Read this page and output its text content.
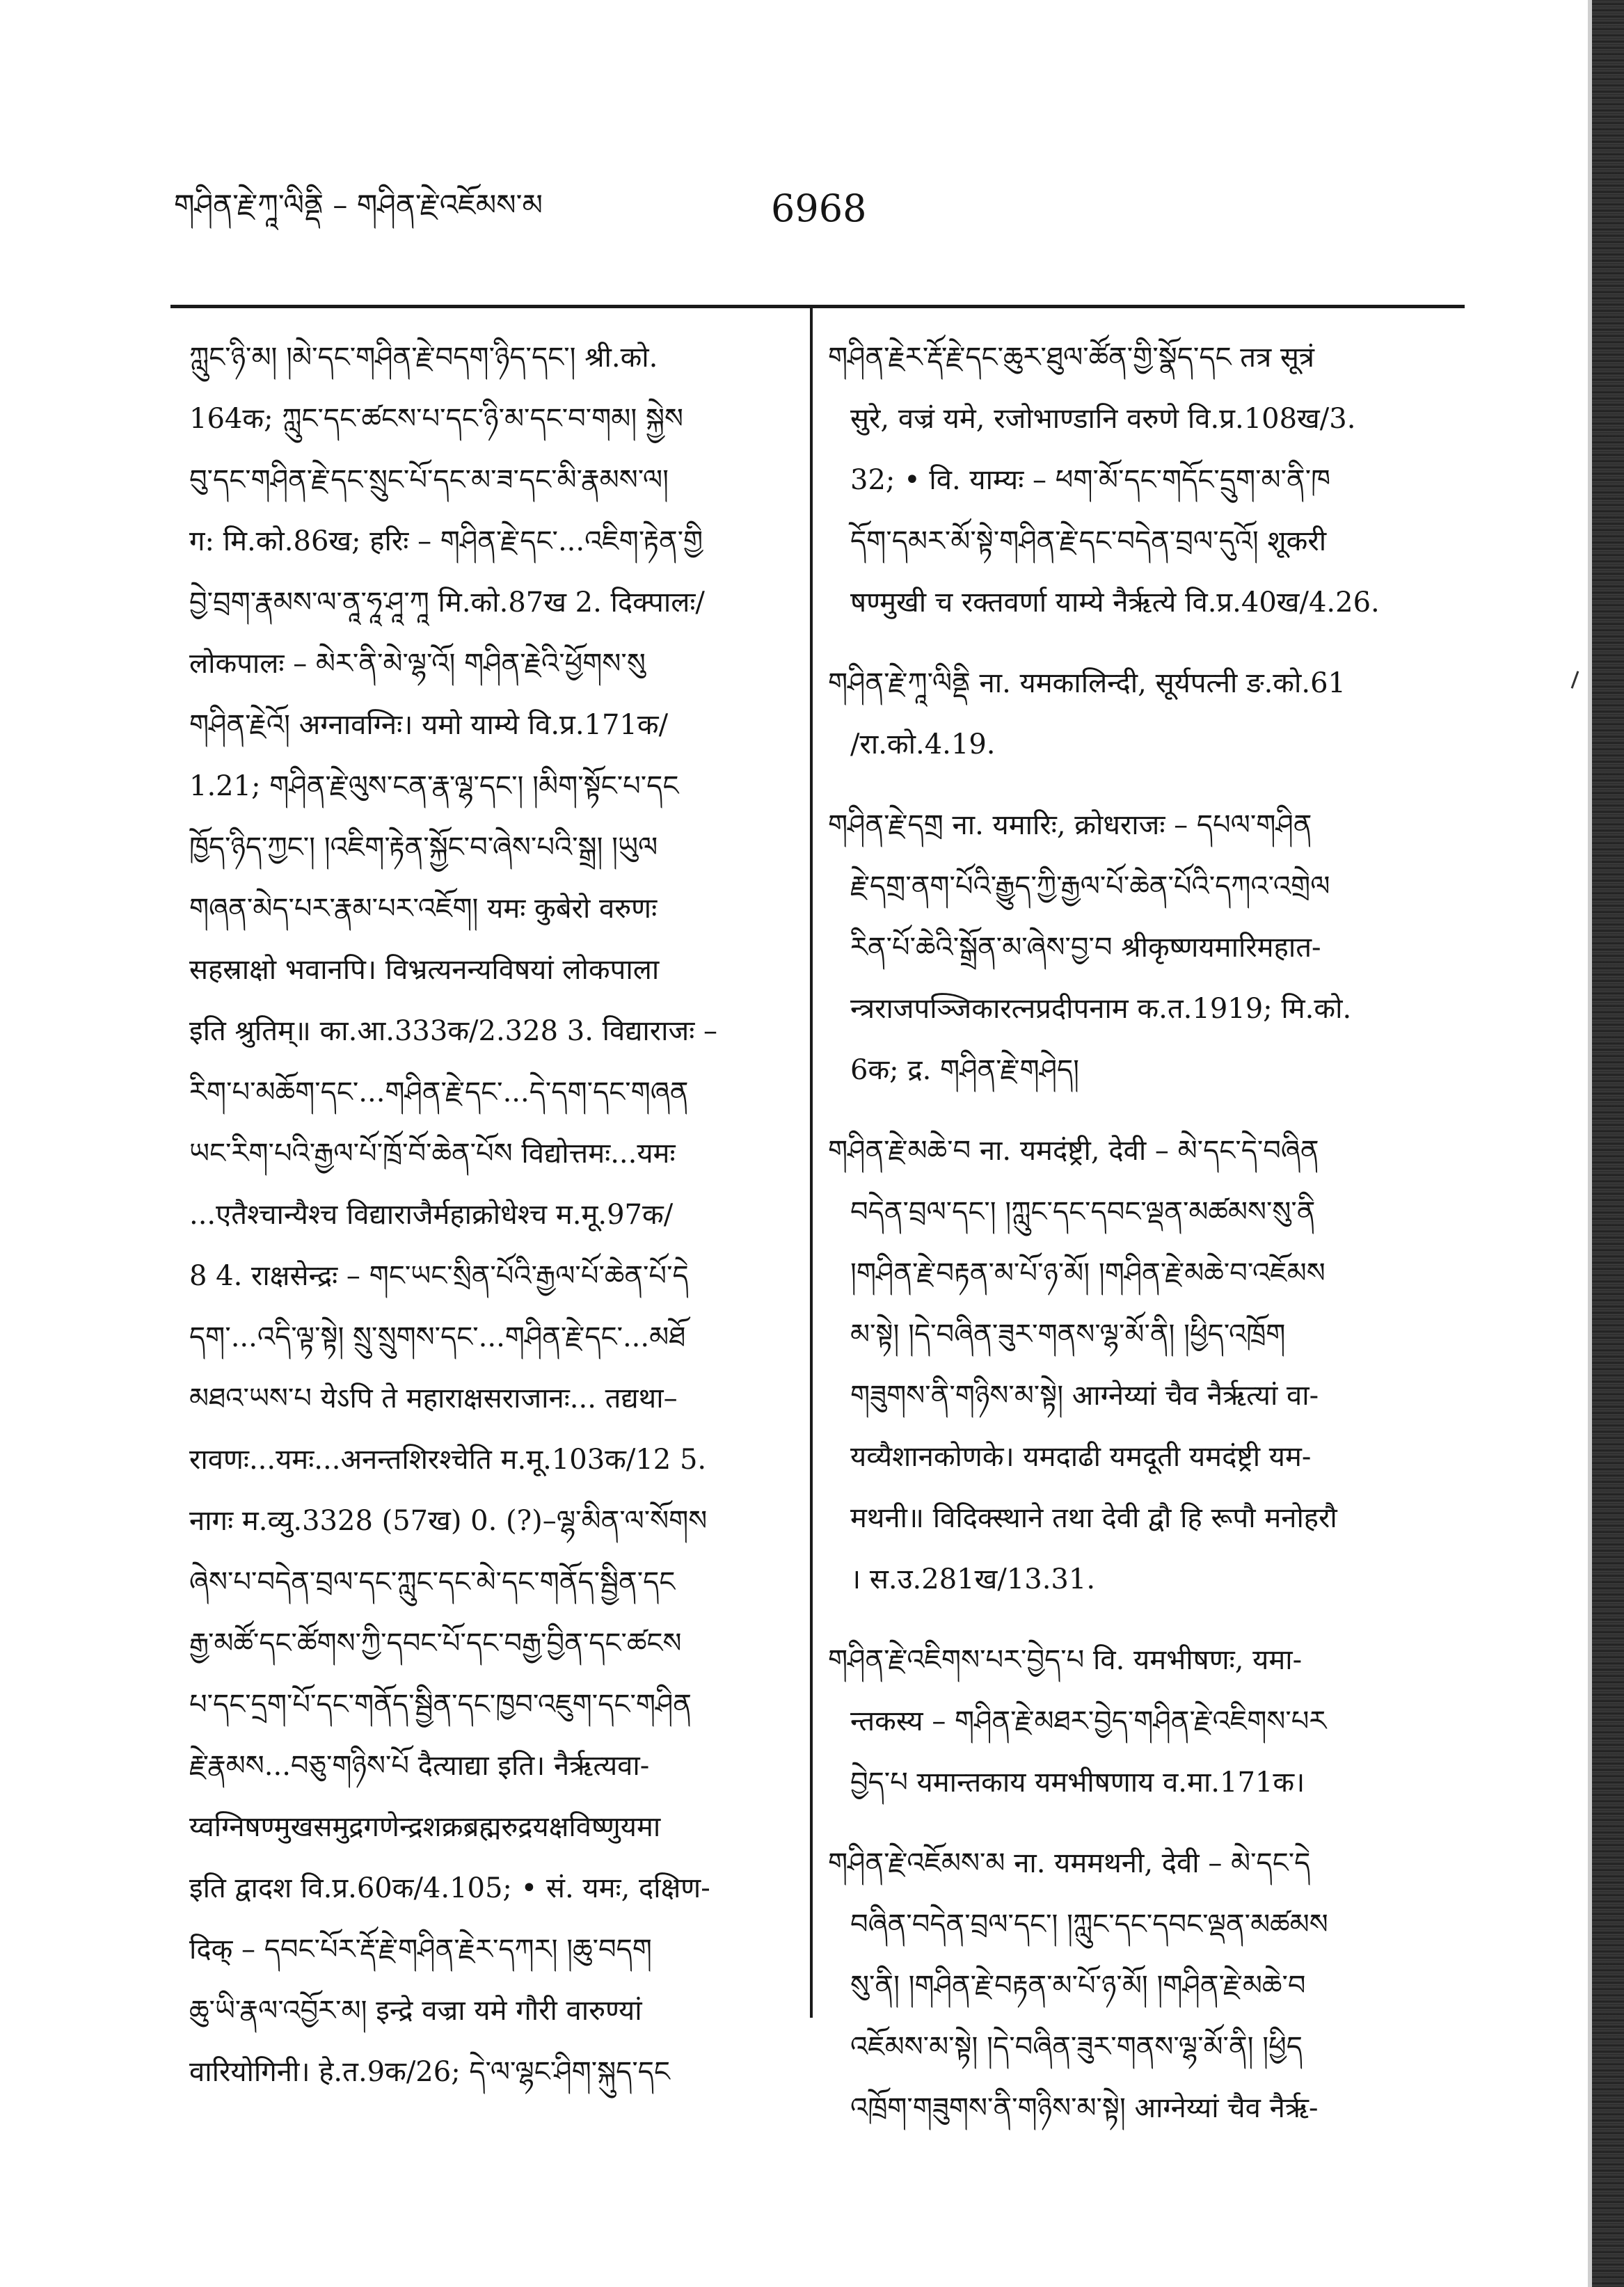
གཤིན་རྗེ་ཀཱ་ལིནྡི – གཤིན་རྗེ་འཇོམས་མ	6968
ཀླུང་ཉི་མ། །མེ་དང་གཤིན་རྗེ་བདག་ཉིད་དང༌། श्री.को.
164क; ཀླུང་དང་ཚངས་པ་དང་ཉི་མ་དང་བ་གམ། སྐྱེས
བུ་དང་གཤིན་རྗེ་དང་སྲུང་པོ་དང་མ་ཟ་དང་མི་རྣམས་ལ།
ग: मि.को.86ख; हरिः – གཤིན་རྗེ་དང་...འཇིག་རྟེན་གྱི
བྱེ་བྲག་རྣམས་ལ་ནཱ་ཧཱ་ཤཱ་ཀཱ मि.को.87ख 2. दिक्पालः/
लोकपालः – མེར་ནི་མེ་ལྷ་འོ། གཤིན་རྗེའི་ཕྱོགས་སུ
གཤིན་རྗེའོ། अग्नावग्निः। यमो याम्ये वि.प्र.171क/
1.21; གཤིན་རྗེ་ལུས་ངན་རྣ་ལྷ་དང༌། །མིག་སྟོང་པ་དང
ཁྱོད་ཉིད་ཀྱང༌། །འཇིག་རྟེན་སྐྱོང་བ་ཞེས་པའི་སྒྲ། །ཡུལ
གཞན་མེད་པར་རྣམ་པར་འཇོག། यमः कुबेरो वरुणः
सहस्राक्षो भवानपि। विभ्रत्यनन्यविषयां लोकपाला
इति श्रुतिम्॥ का.आ.333क/2.328 3. विद्याराजः –
རིག་པ་མཆོག་དང་...གཤིན་རྗེ་དང་...དེ་དག་དང་གཞན
ཡང་རིག་པའི་རྒྱལ་པོ་ཁྲོ་བོ་ཆེན་པོས विद्योत्तमः...यमः
...एतैश्चान्यैश्च विद्याराजैर्महाक्रोधेश्च म.मू.97क/
8 4. राक्षसेन्द्रः – གང་ཡང་སྲིན་པོའི་རྒྱལ་པོ་ཆེན་པོ་དེ
དག་...འདི་ལྟ་སྟེ། སྲུ་སྲུགས་དང་...གཤིན་རྗེ་དང་...མཐོ
མཐའ་ཡས་པ येऽपि ते महाराक्षसराजानः... तद्यथा–
रावणः...यमः...अनन्तशिरश्चेति म.मू.103क/12 5.
नागः म.व्यु.3328 (57ख) 0. (?)–ལྷ་མིན་ལ་སོགས
ཞེས་པ་བདེན་བྲལ་དང་ཀླུང་དང་མེ་དང་གནོད་སྦྱིན་དང
རྒྱ་མཚོ་དང་ཚོགས་ཀྱི་དབང་པོ་དང་བརྒྱ་བྱིན་དང་ཚངས
པ་དང་དྲག་པོ་དང་གནོད་སྦྱིན་དང་ཁྱབ་འཇུག་དང་གཤིན
རྗེ་རྣམས...བཅུ་གཉིས་པོ दैत्याद्या इति। नैर्ऋत्यवा-
य्वग्निषण्मुखसमुद्रगणेन्द्रशक्रब्रह्मरुद्रयक्षविष्णुयमा
इति द्वादश वि.प्र.60क/4.105; • सं. यमः, दक्षिण-
दिक् – དབང་པོར་རྡོ་རྗེ་གཤིན་རྗེར་དཀར། །ཆུ་བདག
ཆུ་ཡི་རྣལ་འབྱོར་མ། इन्द्रे वज्रा यमे गौरी वारुण्यां
वारियोगिनी। हे.त.9क/26; དེ་ལ་ལྷང་ཤིག་སྐུད་དང
གཤིན་རྗེར་རྡོ་རྗེ་དང་ཆུར་ཐུལ་ཚོན་གྱི་སྣོད་དང तत्र सूत्रं
सुरे, वज्रं यमे, रजोभाण्डानि वरुणे वि.प्र.108ख/3.
32; • वि. याम्यः – ཕག་མོ་དང་གདོང་དྲུག་མ་ནི་ཁ
དོག་དམར་མོ་སྟེ་གཤིན་རྗེ་དང་བདེན་བྲལ་དུའོ། शूकरी
षण्मुखी च रक्तवर्णा याम्ये नैर्ऋत्ये वि.प्र.40ख/4.26.
གཤིན་རྗེ་ཀཱ་ལིནྡི ना. यमकालिन्दी, सूर्यपत्नी ङ.को.61
/रा.को.4.19.
གཤིན་རྗེ་དགྲ ना. यमारिः, क्रोधराजः – དཔལ་གཤིན
རྗེ་དགྲ་ནག་པོའི་རྒྱུད་ཀྱི་རྒྱལ་པོ་ཆེན་པོའི་དཀའ་འགྲེལ
རིན་པོ་ཆེའི་སྒྲོན་མ་ཞེས་བྱ་བ श्रीकृष्णयमारिमहात-
न्त्रराजपञ्जिकारत्नप्रदीपनाम क.त.1919; मि.को.
6क; द्र. གཤིན་རྗེ་གཤེད།
གཤིན་རྗེ་མཆེ་བ ना. यमदंष्ट्री, देवी – མེ་དང་དེ་བཞིན
བདེན་བྲལ་དང༌། །ཀླུང་དང་དབང་ལྡན་མཚམས་སུ་ནི
།གཤིན་རྗེ་བརྟན་མ་པོ་ཉ་མོ། །གཤིན་རྗེ་མཆེ་བ་འཇོམས
མ་སྟེ། །དེ་བཞིན་ཟུར་གནས་ལྷ་མོ་ནི། །ཕྱིད་འཁྲོག
གཟུགས་ནི་གཉིས་མ་སྟེ། आग्नेय्यां चैव नैर्ऋत्यां वा-
यव्यैशानकोणके। यमदाढी यमदूती यमदंष्ट्री यम-
मथनी॥ विदिक्स्थाने तथा देवी द्वौ हि रूपौ मनोहरौ
। स.उ.281ख/13.31.
གཤིན་རྗེ་འཇིགས་པར་བྱེད་པ वि. यमभीषणः, यमा-
न्तकस्य – གཤིན་རྗེ་མཐར་བྱེད་གཤིན་རྗེ་འཇིགས་པར
བྱེད་པ यमान्तकाय यमभीषणाय व.मा.171क।
གཤིན་རྗེ་འཇོམས་མ ना. यममथनी, देवी – མེ་དང་དེ
བཞིན་བདེན་བྲལ་དང༌། །ཀླུང་དང་དབང་ལྡན་མཚམས
སུ་ནི། །གཤིན་རྗེ་བརྟན་མ་པོ་ཉ་མོ། །གཤིན་རྗེ་མཆེ་བ
འཇོམས་མ་སྟེ། །དེ་བཞིན་ཟུར་གནས་ལྷ་མོ་ནི། །ཕྱིད
འཁྲོག་གཟུགས་ནི་གཉིས་མ་སྟེ། आग्नेय्यां चैव नैर्ऋ-
